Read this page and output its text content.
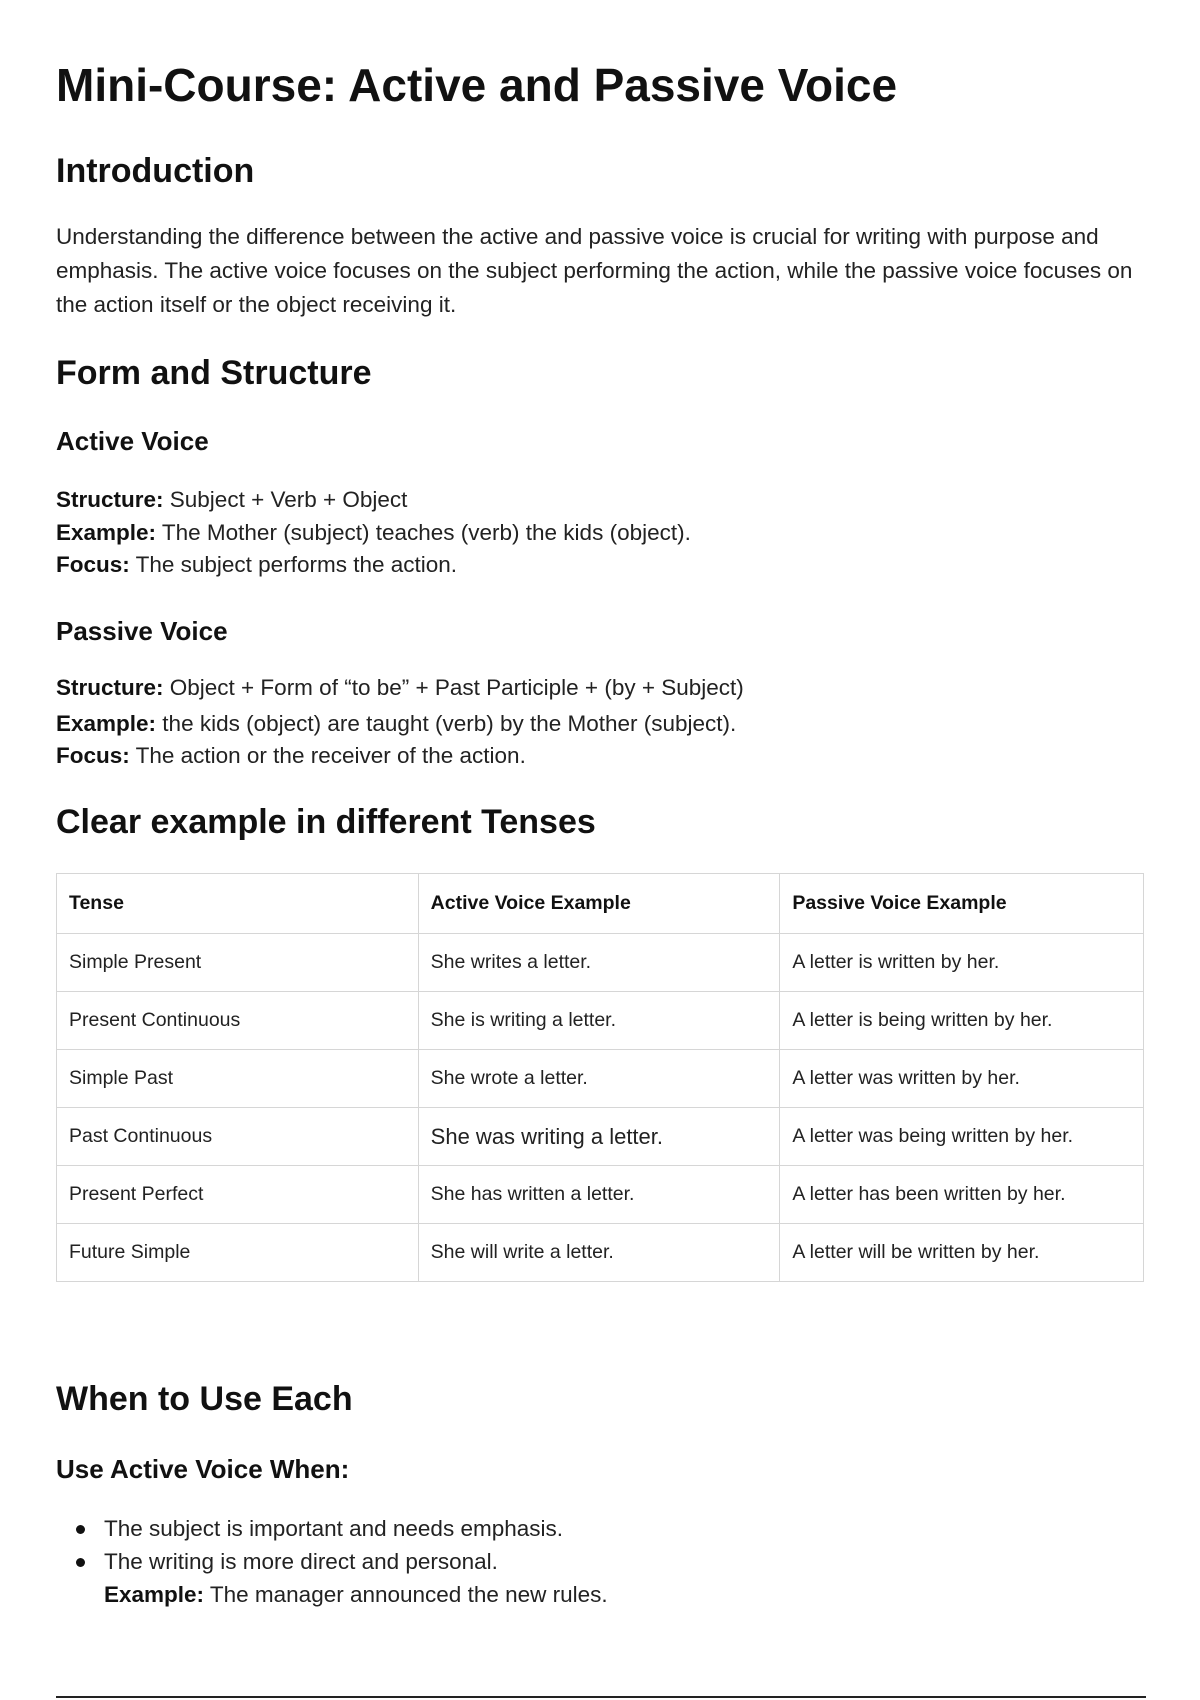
Mini-Course: Active and Passive Voice
Introduction

Understanding the difference between the active and passive voice is crucial for writing with purpose and emphasis. The active voice focuses on the subject performing the action, while the passive voice focuses on the action itself or the object receiving it.

Form and Structure
Active Voice

Structure: Subject + Verb + Object

Example: The Mother (subject) teaches (verb) the kids (object).

Focus: The subject performs the action.

Passive Voice

Structure: Object + Form of “to be” + Past Participle + (by + Subject)

Example: the kids (object) are taught (verb) by the Mother (subject).

Focus: The action or the receiver of the action.

Clear example in different Tenses
Tense	Active Voice Example	Passive Voice Example
Simple Present	She writes a letter.	A letter is written by her.
Present Continuous	She is writing a letter.	A letter is being written by her.
Simple Past	She wrote a letter.	A letter was written by her.
Past Continuous	She was writing a letter.	A letter was being written by her.
Present Perfect	She has written a letter.	A letter has been written by her.
Future Simple	She will write a letter.	A letter will be written by her.
When to Use Each
Use Active Voice When:
The subject is important and needs emphasis.
The writing is more direct and personal.
Example: The manager announced the new rules.
